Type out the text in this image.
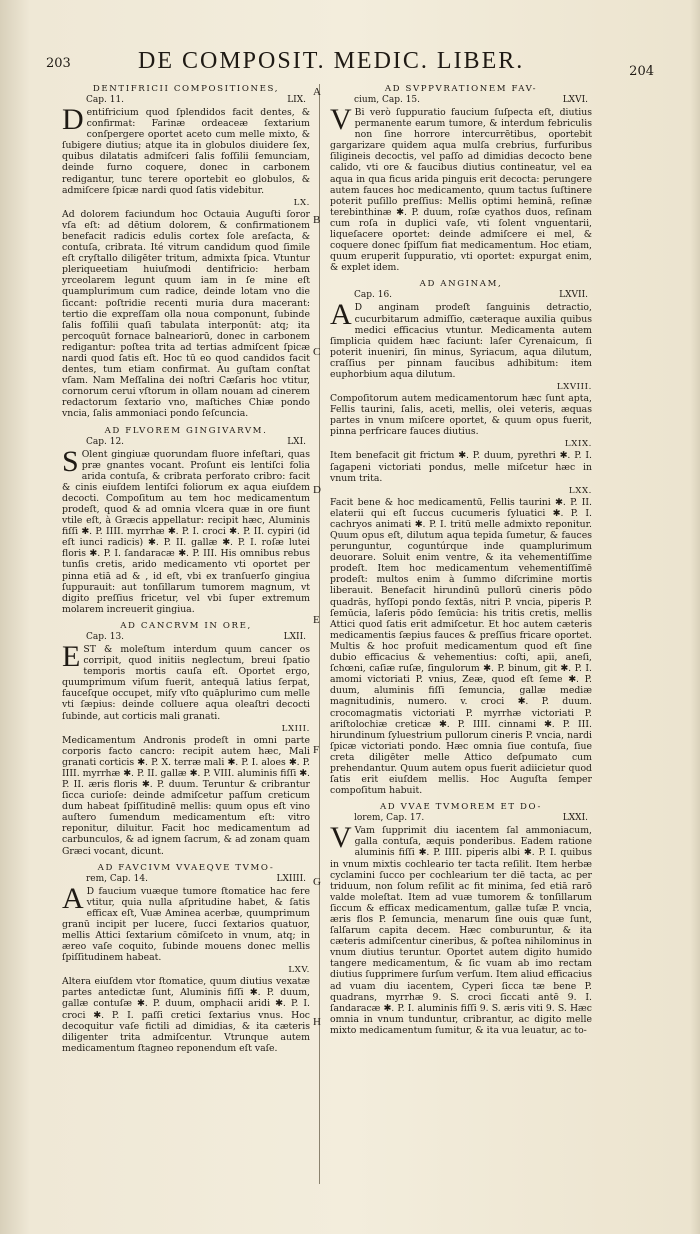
203	DE COMPOSIT. MEDIC. LIBER.	204
A
B
C
D
E
F
G
H
DENTIFRICII COMPOSITIONES,
Cap. 11.	LIX.

Dentifricium quod ſplendidos facit dentes, & confirmat: Farinæ ordeaceæ ſextarium conſpergere oportet aceto cum melle mixto, & ſubigere diutius; atque ita in globulos diuidere ſex, quibus dilatatis admiſceri ſalis foſſilii ſemunciam, deinde furno coquere, donec in carbonem redigantur, tunc terere oportebit eo globulos, & admiſcere ſpicæ nardi quod ſatis videbitur.

LX.

Ad dolorem faciundum hoc Octauia Auguſti ſoror vſa eſt: ad dētium dolorem, & confirmationem benefacit radicis edulis cortex ſole areſacta, & contuſa, cribrata. Ité vitrum candidum quod ſimile eſt cryſtallo diligēter tritum, admixta ſpica. Vtuntur pleriqueetiam huiuſmodi dentifricio: herbam yrceolarem legunt quum iam in ſe mine eſt quamplurimum cum radice, deinde lotam vno die ſiccant: poſtridie recenti muria dura macerant: tertio die expreſſam olla noua componunt, ſubinde ſalis foſſilii quaſi tabulata interponūt: atq; ita percoquūt fornace balneariorū, donec in carbonem redigantur: poſtea trita ad tertias admiſcent ſpicæ nardi quod ſatis eſt. Hoc tū eo quod candidos facit dentes, tum etiam confirmat. Au guſtam conſtat vſam. Nam Meſſalina dei noſtri Cæſaris hoc vtitur, cornorum cerui vſtorum in ollam nouam ad cinerem redactorum ſextario vno, maſtiches Chiæ pondo vncia, ſalis ammoniaci pondo ſeſcuncia.

AD FLVOREM GINGIVARVM.
Cap. 12.	LXI.

S Olent gingiuæ quorundam fluore infeſtari, quas præ gnantes vocant. Proſunt eis lentiſci folia arida contuſa, & cribrata perforato cribro: facit & cinis eiuſdem lentiſci foliorum ex aqua eiuſdem decocti. Compoſitum au tem hoc medicamentum prodeſt, quod & ad omnia vlcera quæ in ore fiunt vtile eſt, à Græcis appellatur: recipit hæc, Aluminis fiſſi ✱. P. IIII. myrrhæ ✱. P. I. croci ✱. P. II. cypiri (id eſt iunci radicis) ✱. P. II. gallæ ✱. P. I. roſæ lutei floris ✱. P. I. ſandaracæ ✱. P. III. His omnibus rebus tunſis cretis, arido medicamento vti oportet per pinna etiā ad & , id eſt, vbi ex tranſuerſo gingiua ſuppurauit: aut tonſillarum tumorem magnum, vt digito preſſius fricetur, vel vbi ſuper extremum molarem increuerit gingiua.

AD CANCRVM IN ORE,
Cap. 13.	LXII.

EST & moleſtum interdum quum cancer os corripit, quod initiis neglectum, breui ſpatio temporis mortis cauſa eſt. Oportet ergo, quumprimum viſum fuerit, antequā latius ſerpat, fauceſque occupet, miſy vſto quāplurimo cum melle vti ſæpius: deinde colluere aqua oleaſtri decocti ſubinde, aut corticis mali granati.

LXIII.

Medicamentum Andronis prodeſt in omni parte corporis facto cancro: recipit autem hæc, Mali granati corticis ✱. P. X. terræ mali ✱. P. I. aloes ✱. P. IIII. myrrhæ ✱. P. II. gallæ ✱. P. VIII. aluminis fiſſi ✱. P. II. æris floris ✱. P. duum. Teruntur & cribrantur ſicca curioſe: deinde admiſcetur paſſum creticum dum habeat ſpiſſitudinē mellis: quum opus eſt vino auſtero ſumendum medicamentum eſt: vitro reponitur, diluitur. Facit hoc medicamentum ad carbunculos, & ad ignem ſacrum, & ad zonam quam Græci vocant, dicunt.

AD FAVCIVM VVAEQVE TVMO-
rem, Cap. 14.	LXIIII.

A D faucium vuæque tumore ſtomatice hac fere vtitur, quia nulla aſpritudine habet, & ſatis efficax eſt, Vuæ Aminea acerbæ, quumprimum granū incipit per lucere, ſucci ſextarios quatuor, mellis Attici ſextarium cōmiſceto in vnum, atq; in æreo vaſe coquito, ſubinde mouens donec mellis ſpiſſitudinem habeat.

LXV.

Altera eiuſdem vtor ſtomatice, quum diutius vexatæ partes antedictæ ſunt, Aluminis fiſſi ✱. P. duum, gallæ contuſæ ✱. P. duum, omphacii aridi ✱. P. I. croci ✱. P. I. paſſi cretici ſextarius vnus. Hoc decoquitur vaſe fictili ad dimidias, & ita cæteris diligenter trita admiſcentur. Vtrunque autem medicamentum ſtagneo reponendum eſt vaſe.

AD SVPPVRATIONEM FAV-
cium, Cap. 15.	LXVI.

V Bi verò ſuppuratio faucium ſuſpecta eſt, diutius permanente earum tumore, & interdum febriculis non ſine horrore intercurrētibus, oportebit gargarizare quidem aqua mulſa crebrius, furfuribus ſiligineis decoctis, vel paſſo ad dimidias decocto bene calido, vti ore & faucibus diutius contineatur, vel ea aqua in qua ficus arida pinguis erit decocta: perungere autem fauces hoc medicamento, quum tactus ſuſtinere poterit puſillo preſſius: Mellis optimi heminā, reſinæ terebinthinæ ✱. P. duum, roſæ cyathos duos, reſinam cum roſa in duplici vaſe, vti ſolent vnguentarii, liqueſacere oportet: deinde admiſcere ei mel, & coquere donec ſpiſſum fiat medicamentum. Hoc etiam, quum eruperit ſuppuratio, vti oportet: expurgat enim, & explet idem.

AD ANGINAM,
Cap. 16.	LXVII.

A D anginam prodeſt ſanguinis detractio, cucurbitarum admiſſio, cæteraque auxilia quibus medici efficacius vtuntur. Medicamenta autem ſimplicia quidem hæc faciunt: laſer Cyrenaicum, ſi poterit inueniri, ſin minus, Syriacum, aqua dilutum, craſſius per pinnam faucibus adhibitum: item euphorbium aqua dilutum.

LXVIII.

Compoſitorum autem medicamentorum hæc ſunt apta, Fellis taurini, ſalis, aceti, mellis, olei veteris, æquas partes in vnum miſcere oportet, & quum opus fuerit, pinna perfricare fauces diutius.

LXIX.

Item benefacit git frictum ✱. P. duum, pyrethri ✱. P. I. ſagapeni victoriati pondus, melle miſcetur hæc in vnum trita.

LXX.

Facit bene & hoc medicamentū, Fellis taurini ✱. P. II. elaterii qui eſt ſuccus cucumeris ſyluatici ✱. P. I. cachryos animati ✱. P. I. tritū melle admixto reponitur. Quum opus eſt, dilutum aqua tepida ſumetur, & fauces perunguntur, coguntúrque inde quamplurimum deuorare. Soluit enim ventre, & ita vehementiſſime prodeſt. Item hoc medicamentum vehementiſſimē prodeſt: multos enim à ſummo diſcrimine mortis liberauit. Benefacit hirundinū pullorū cineris pōdo quadrās, hyſſopi pondo ſextās, nitri P. vncia, piperis P. ſemūcia, laſeris pōdo ſemūcia: his tritis cretis, mellis Attici quod ſatis erit admiſcetur. Et hoc autem cæteris medicamentis ſæpius fauces & preſſius fricare oportet. Multis & hoc profuit medicamentum quod eſt ſine dubio efficacius & vehementius: coſti, apii, aneſi, ſchœni, caſiæ ruſæ, ſingulorum ✱. P. binum, git ✱. P. I. amomi victoriati P. vnius, Zeæ, quod eſt ſeme ✱. P. duum, aluminis fiſſi ſemuncia, gallæ mediæ magnitudinis, numero. v. croci ✱. P. duum. crocomagmatis victoriati P. myrrhæ victoriati P. ariſtolochiæ creticæ ✱. P. IIII. cinnami ✱. P. III. hirundinum ſyluestrium pullorum cineris P. vncia, nardi ſpicæ victoriati pondo. Hæc omnia ſiue contuſa, ſiue creta diligēter melle Attico deſpumato cum prehendantur. Quum autem opus fuerit adiicietur quod ſatis erit eiuſdem mellis. Hoc Auguſta ſemper compoſitum habuit.

AD VVAE TVMOREM ET DO-
lorem, Cap. 17.	LXXI.

V Vam ſupprimit diu iacentem ſal ammoniacum, galla contuſa, æquis ponderibus. Eadem ratione aluminis fiſſi ✱. P. IIII. piperis albi ✱. P. I. quibus in vnum mixtis cochleario ter tacta reſilit. Item herbæ cyclamini ſucco per cochlearium ter diē tacta, ac per triduum, non ſolum reſilit ac fit minima, ſed etiā rarō valde moleſtat. Item ad vuæ tumorem & tonſillarum ſiccum & efficax medicamentum, gallæ tuſæ P. vncia, æris flos P. ſemuncia, menarum ſine ouis quæ ſunt, ſalſarum capita decem. Hæc comburuntur, & ita cæteris admiſcentur cineribus, & poſtea nihilominus in vnum diutius teruntur. Oportet autem digito humido tangere medicamentum, & ſic vuam ab imo rectam diutius ſupprimere ſurſum verſum. Item aliud efficacius ad vuam diu iacentem, Cyperi ſicca tæ bene P. quadrans, myrrhæ 9. S. croci ſiccati antē 9. I. ſandaracæ ✱. P. I. aluminis fiſſi 9. S. æris viti 9. S. Hæc omnia in vnum tunduntur, cribrantur, ac digito melle mixto medicamentum ſumitur, & ita vua leuatur, ac to-
